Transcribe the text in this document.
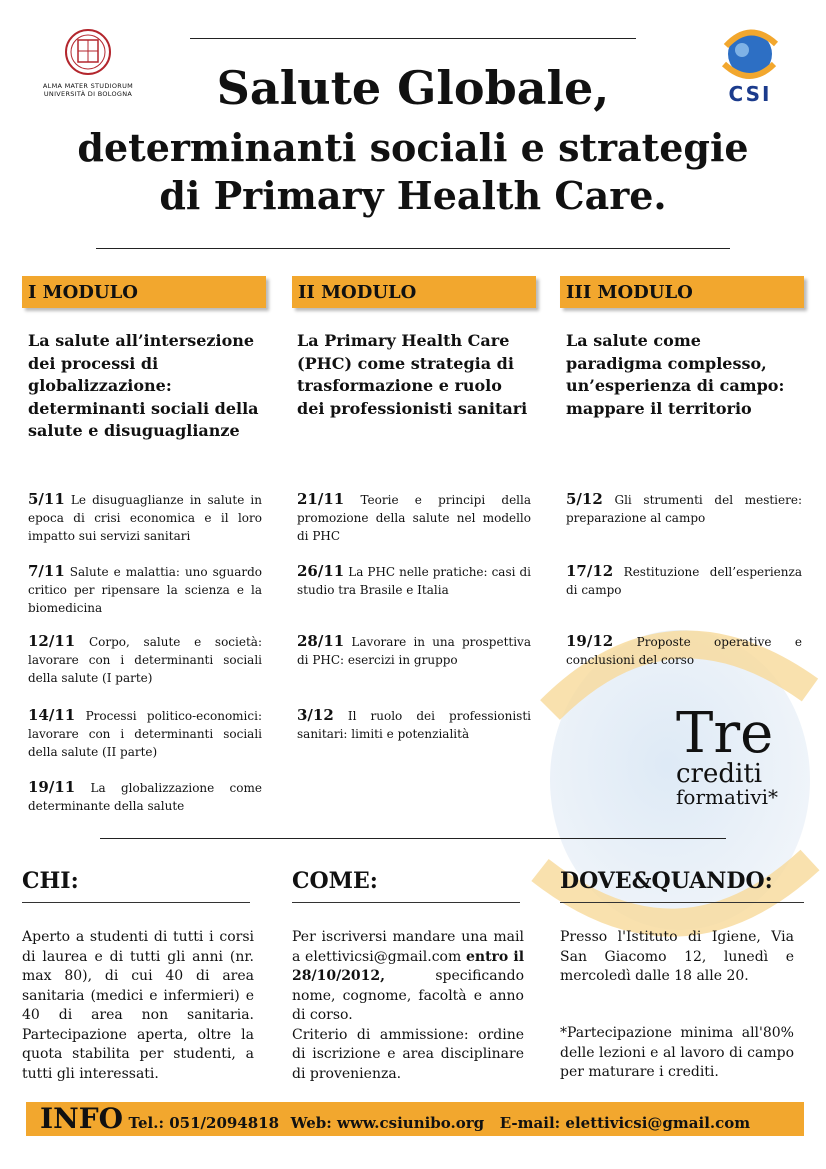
ALMA MATER STUDIORUM UNIVERSITÀ DI BOLOGNA	CSI
Salute Globale,
determinanti sociali e strategie
di Primary Health Care.
I MODULO
La salute all’intersezione dei processi di globalizzazione: determinanti sociali della salute e disuguaglianze
5/11 Le disuguaglianze in salute in epoca di crisi economica e il loro impatto sui servizi sanitari
7/11 Salute e malattia: uno sguardo critico per ripensare la scienza e la biomedicina
12/11 Corpo, salute e società: lavorare con i determinanti sociali della salute (I parte)
14/11 Processi politico-economici: lavorare con i determinanti sociali della salute (II parte)
19/11 La globalizzazione come determinante della salute
II MODULO
La Primary Health Care (PHC) come strategia di trasformazione e ruolo dei professionisti sanitari
21/11 Teorie e principi della promozione della salute nel modello di PHC
26/11 La PHC nelle pratiche: casi di studio tra Brasile e Italia
28/11 Lavorare in una prospettiva di PHC: esercizi in gruppo
3/12 Il ruolo dei professionisti sanitari: limiti e potenzialità
III MODULO
La salute come paradigma complesso, un’esperienza di campo: mappare il territorio
5/12 Gli strumenti del mestiere: preparazione al campo
17/12 Restituzione dell’esperienza di campo
19/12 Proposte operative e conclusioni del corso
Tre
crediti
formativi*
CHI:
Aperto a studenti di tutti i corsi di laurea e di tutti gli anni (nr. max 80), di cui 40 di area sanitaria (medici e infermieri) e 40 di area non sanitaria. Partecipazione aperta, oltre la quota stabilita per studenti, a tutti gli interessati.
COME:
Per iscriversi mandare una mail a elettivicsi@gmail.com entro il 28/10/2012,	specificando nome, cognome, facoltà e anno di corso.
Criterio di ammissione: ordine di iscrizione e area disciplinare di provenienza.
DOVE&QUANDO:
Presso l'Istituto di Igiene, Via San Giacomo 12, lunedì e mercoledì dalle 18 alle 20.
*Partecipazione minima all'80% delle lezioni e al lavoro di campo per maturare i crediti.
INFO Tel.: 051/2094818 Web: www.csiunibo.org E-mail: elettivicsi@gmail.com
